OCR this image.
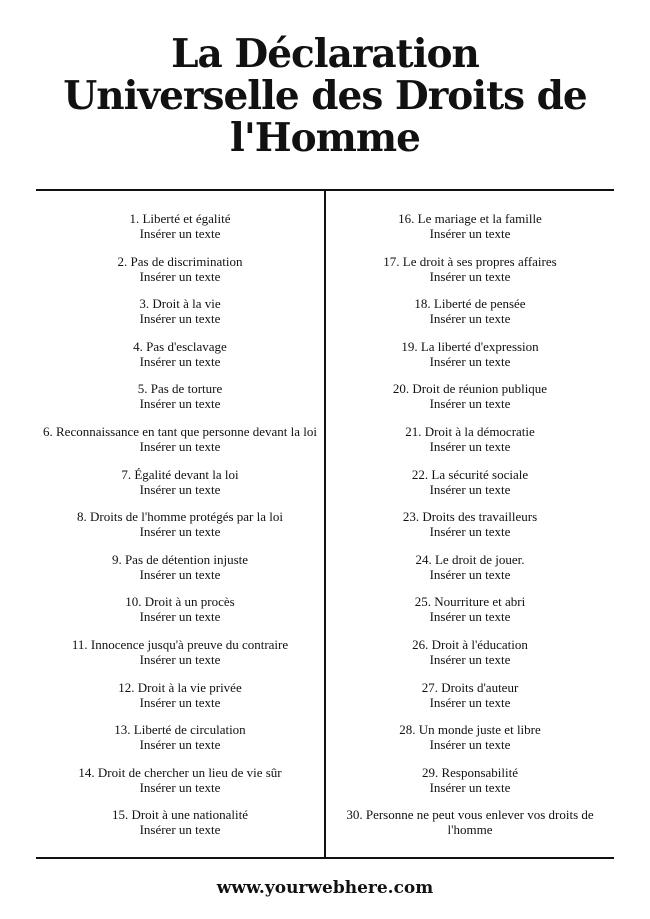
La Déclaration
Universelle des Droits de
l'Homme
1. Liberté et égalité
Insérer un texte
2. Pas de discrimination
Insérer un texte
3. Droit à la vie
Insérer un texte
4. Pas d'esclavage
Insérer un texte
5. Pas de torture
Insérer un texte
6. Reconnaissance en tant que personne devant la loi
Insérer un texte
7. Égalité devant la loi
Insérer un texte
8. Droits de l'homme protégés par la loi
Insérer un texte
9. Pas de détention injuste
Insérer un texte
10. Droit à un procès
Insérer un texte
11. Innocence jusqu'à preuve du contraire
Insérer un texte
12. Droit à la vie privée
Insérer un texte
13. Liberté de circulation
Insérer un texte
14. Droit de chercher un lieu de vie sûr
Insérer un texte
15. Droit à une nationalité
Insérer un texte
16. Le mariage et la famille
Insérer un texte
17. Le droit à ses propres affaires
Insérer un texte
18. Liberté de pensée
Insérer un texte
19. La liberté d'expression
Insérer un texte
20. Droit de réunion publique
Insérer un texte
21. Droit à la démocratie
Insérer un texte
22. La sécurité sociale
Insérer un texte
23. Droits des travailleurs
Insérer un texte
24. Le droit de jouer.
Insérer un texte
25. Nourriture et abri
Insérer un texte
26. Droit à l'éducation
Insérer un texte
27. Droits d'auteur
Insérer un texte
28. Un monde juste et libre
Insérer un texte
29. Responsabilité
Insérer un texte
30. Personne ne peut vous enlever vos droits de l'homme
www.yourwebhere.com
